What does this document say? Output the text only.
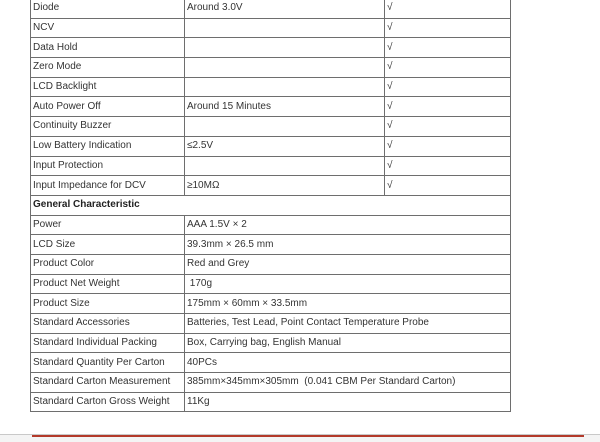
Diode	Around 3.0V	√
NCV		√
Data Hold		√
Zero Mode		√
LCD Backlight		√
Auto Power Off	Around 15 Minutes	√
Continuity Buzzer		√
Low Battery Indication	≤2.5V	√
Input Protection		√
Input Impedance for DCV	≥10MΩ	√
General Characteristic		
Power	AAA 1.5V × 2	
LCD Size	39.3mm × 26.5 mm	
Product Color	Red and Grey	
Product Net Weight	170g	
Product Size	175mm × 60mm × 33.5mm	
Standard Accessories	Batteries, Test Lead, Point Contact Temperature Probe	
Standard Individual Packing	Box, Carrying bag, English Manual	
Standard Quantity Per Carton	40PCs	
Standard Carton Measurement	385mm×345mm×305mm  (0.041 CBM Per Standard Carton)	
Standard Carton Gross Weight	11Kg	
